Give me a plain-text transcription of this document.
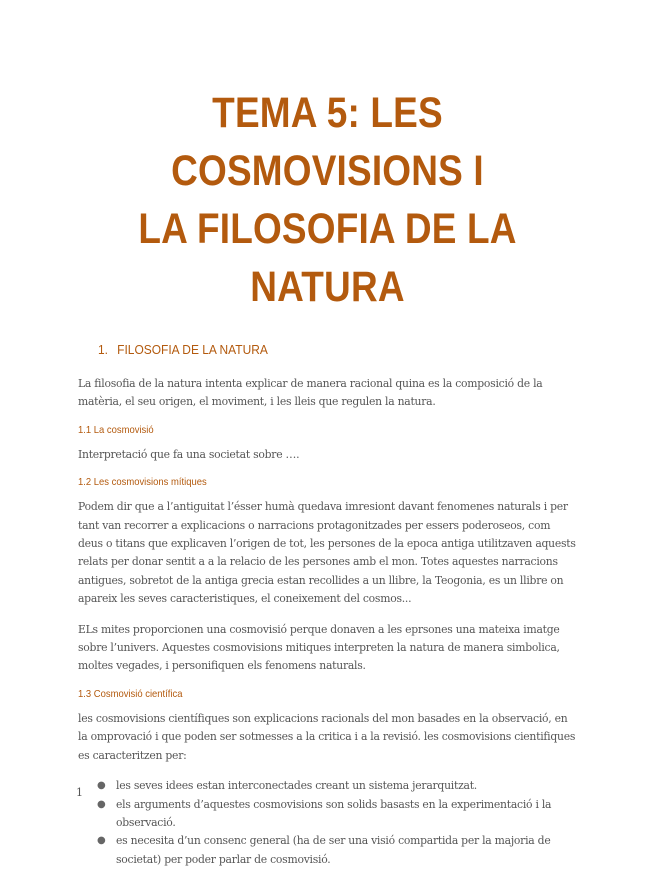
TEMA 5: LES COSMOVISIONS I
LA FILOSOFIA DE LA NATURA
1. FILOSOFIA DE LA NATURA

La filosofia de la natura intenta explicar de manera racional quina es la composició de la matèria, el seu origen, el moviment, i les lleis que regulen la natura.

1.1 La cosmovisió

Interpretació que fa una societat sobre ….

1.2 Les cosmovisions mítiques

Podem dir que a l’antiguitat l’ésser humà quedava imresiont davant fenomenes naturals i per tant van recorrer a explicacions o narracions protagonitzades per essers poderoseos, com deus o titans que explicaven l’origen de tot, les persones de la epoca antiga utilitzaven aquests relats per donar sentit a a la relacio de les persones amb el mon. Totes aquestes narracions antigues, sobretot de la antiga grecia estan recollides a un llibre, la Teogonia, es un llibre on apareix les seves caracteristiques, el coneixement del cosmos...

ELs mites proporcionen una cosmovisió perque donaven a les eprsones una mateixa imatge sobre l’univers. Aquestes cosmovisions mitiques interpreten la natura de manera simbolica, moltes vegades, i personifiquen els fenomens naturals.

1.3 Cosmovisió científica

les cosmovisions científiques son explicacions racionals del mon basades en la observació, en la omprovació i que poden ser sotmesses a la critica i a la revisió. les cosmovisions cientifiques es caracteritzen per:

● les seves idees estan interconectades creant un sistema jerarquitzat.
● els arguments d’aquestes cosmovisions son solids basasts en la experimentació i la observació.
● es necesita d’un consenc general (ha de ser una visió compartida per la majoria de societat) per poder parlar de cosmovisió.
1
